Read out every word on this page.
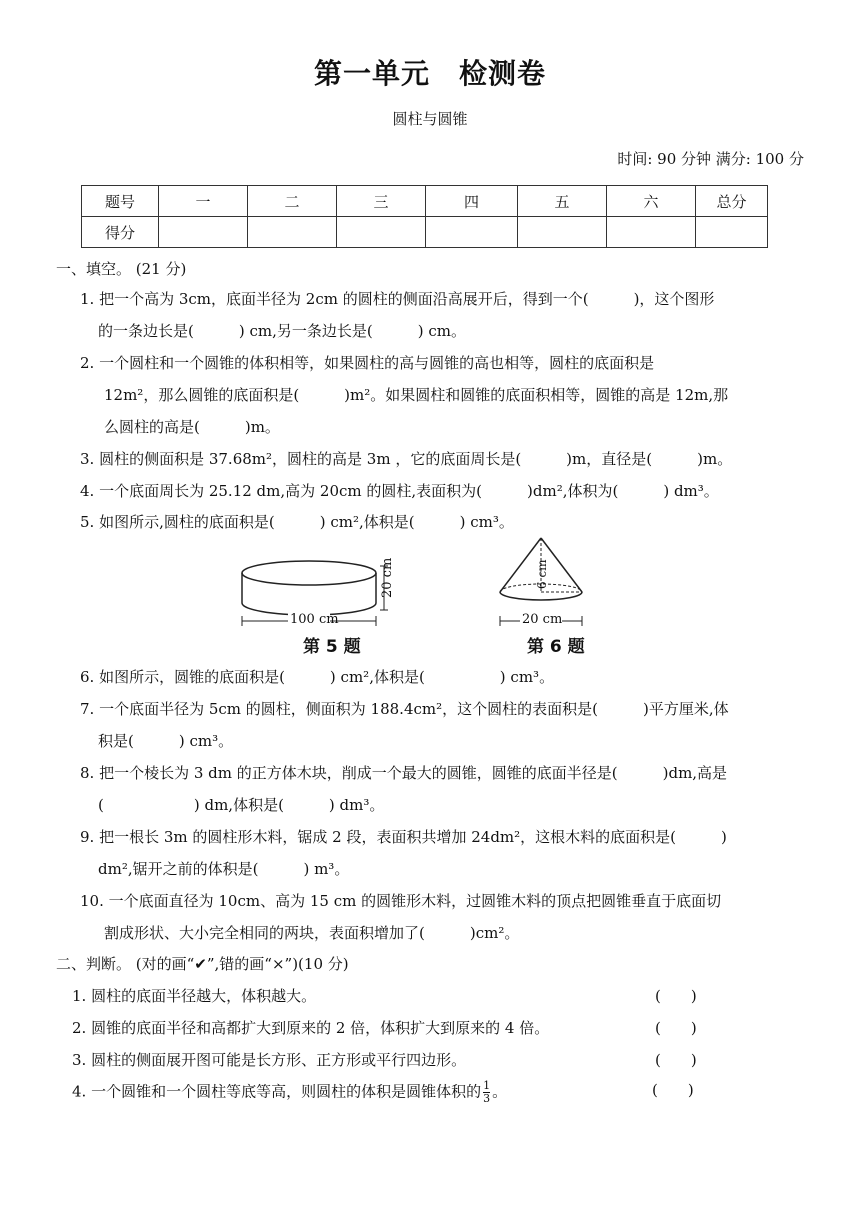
第一单元　检测卷
圆柱与圆锥
时间: 90 分钟 满分: 100 分
题号	一	二	三	四	五	六	总分
得分							
一、填空。 (21 分)
1. 把一个高为 3cm，底面半径为 2cm 的圆柱的侧面沿高展开后，得到一个(　　　)，这个图形
的一条边长是(　　　) cm,另一条边长是(　　　) cm。
2. 一个圆柱和一个圆锥的体积相等，如果圆柱的高与圆锥的高也相等，圆柱的底面积是
12m²，那么圆锥的底面积是(　　　)m²。如果圆柱和圆锥的底面积相等，圆锥的高是 12m,那
么圆柱的高是(　　　)m。
3. 圆柱的侧面积是 37.68m²，圆柱的高是 3m ，它的底面周长是(　　　)m，直径是(　　　)m。
4. 一个底面周长为 25.12 dm,高为 20cm 的圆柱,表面积为(　　　)dm²,体积为(　　　) dm³。
5. 如图所示,圆柱的底面积是(　　　) cm²,体积是(　　　) cm³。
100 cm
20 cm
第 5 题
20 cm
6 cm
第 6 题
6. 如图所示，圆锥的底面积是(　　　) cm²,体积是(　　　　　) cm³。
7. 一个底面半径为 5cm 的圆柱，侧面积为 188.4cm²，这个圆柱的表面积是(　　　)平方厘米,体
积是(　　　) cm³。
8. 把一个棱长为 3 dm 的正方体木块，削成一个最大的圆锥，圆锥的底面半径是(　　　)dm,高是
(　　　　　　) dm,体积是(　　　) dm³。
9. 把一根长 3m 的圆柱形木料，锯成 2 段，表面积共增加 24dm²，这根木料的底面积是(　　　)
dm²,锯开之前的体积是(　　　) m³。
10. 一个底面直径为 10cm、高为 15 cm 的圆锥形木料，过圆锥木料的顶点把圆锥垂直于底面切
割成形状、大小完全相同的两块，表面积增加了(　　　)cm²。
二、判断。 (对的画“✔”,错的画“×”)(10 分)
1. 圆柱的底面半径越大，体积越大。	(　　)
2. 圆锥的底面半径和高都扩大到原来的 2 倍，体积扩大到原来的 4 倍。	(　　)
3. 圆柱的侧面展开图可能是长方形、正方形或平行四边形。	(　　)
4. 一个圆锥和一个圆柱等底等高，则圆柱的体积是圆锥体积的 $\frac{1}{3}$ 。	(　　)
